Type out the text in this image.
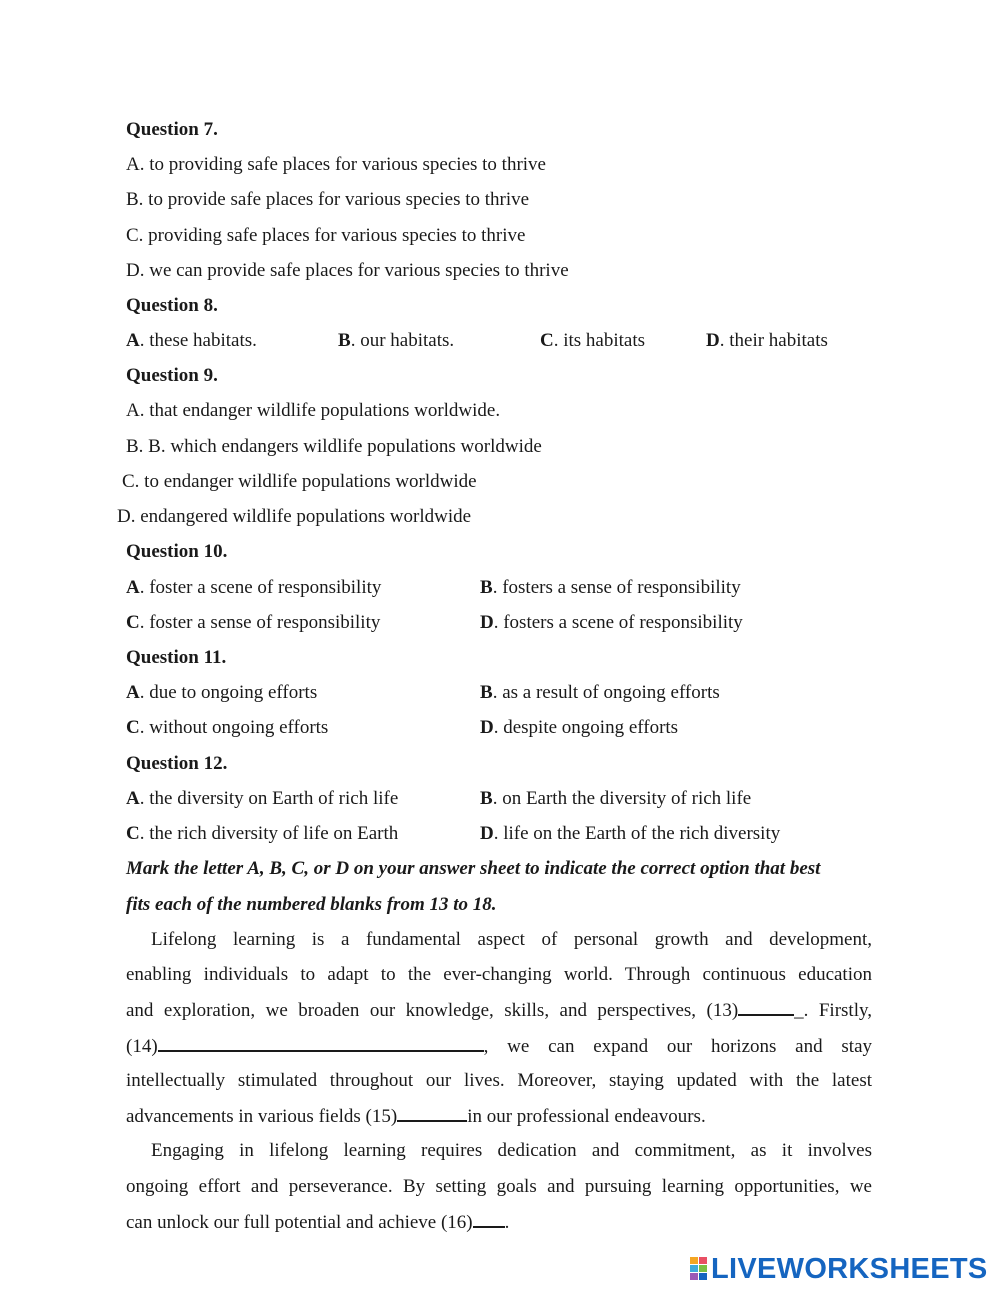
Question 7.
A. to providing safe places for various species to thrive
B. to provide safe places for various species to thrive
C. providing safe places for various species to thrive
D. we can provide safe places for various species to thrive
Question 8.
A. these habitats.	B. our habitats.	C. its habitats	D. their habitats
Question 9.
A. that endanger wildlife populations worldwide.
B. B. which endangers wildlife populations worldwide
C. to endanger wildlife populations worldwide
D. endangered wildlife populations worldwide
Question 10.
A. foster a scene of responsibility	B. fosters a sense of responsibility
C. foster a sense of responsibility	D. fosters a scene of responsibility
Question 11.
A. due to ongoing efforts	B. as a result of ongoing efforts
C. without ongoing efforts	D. despite ongoing efforts
Question 12.
A. the diversity on Earth of rich life	B. on Earth the diversity of rich life
C. the rich diversity of life on Earth	D. life on the Earth of the rich diversity
Mark the letter A, B, C, or D on your answer sheet to indicate the correct option that best
fits each of the numbered blanks from 13 to 18.
Lifelong learning is a fundamental aspect of personal growth and development,
enabling individuals to adapt to the ever-changing world. Through continuous education
and exploration, we broaden our knowledge, skills, and perspectives, (13)	_. Firstly,
(14)	, we can expand our horizons and stay
intellectually stimulated throughout our lives. Moreover, staying updated with the latest
advancements in various fields (15)	in our professional endeavours.
Engaging in lifelong learning requires dedication and commitment, as it involves
ongoing effort and perseverance. By setting goals and pursuing learning opportunities, we
can unlock our full potential and achieve (16) .
LIVEWORKSHEETS
